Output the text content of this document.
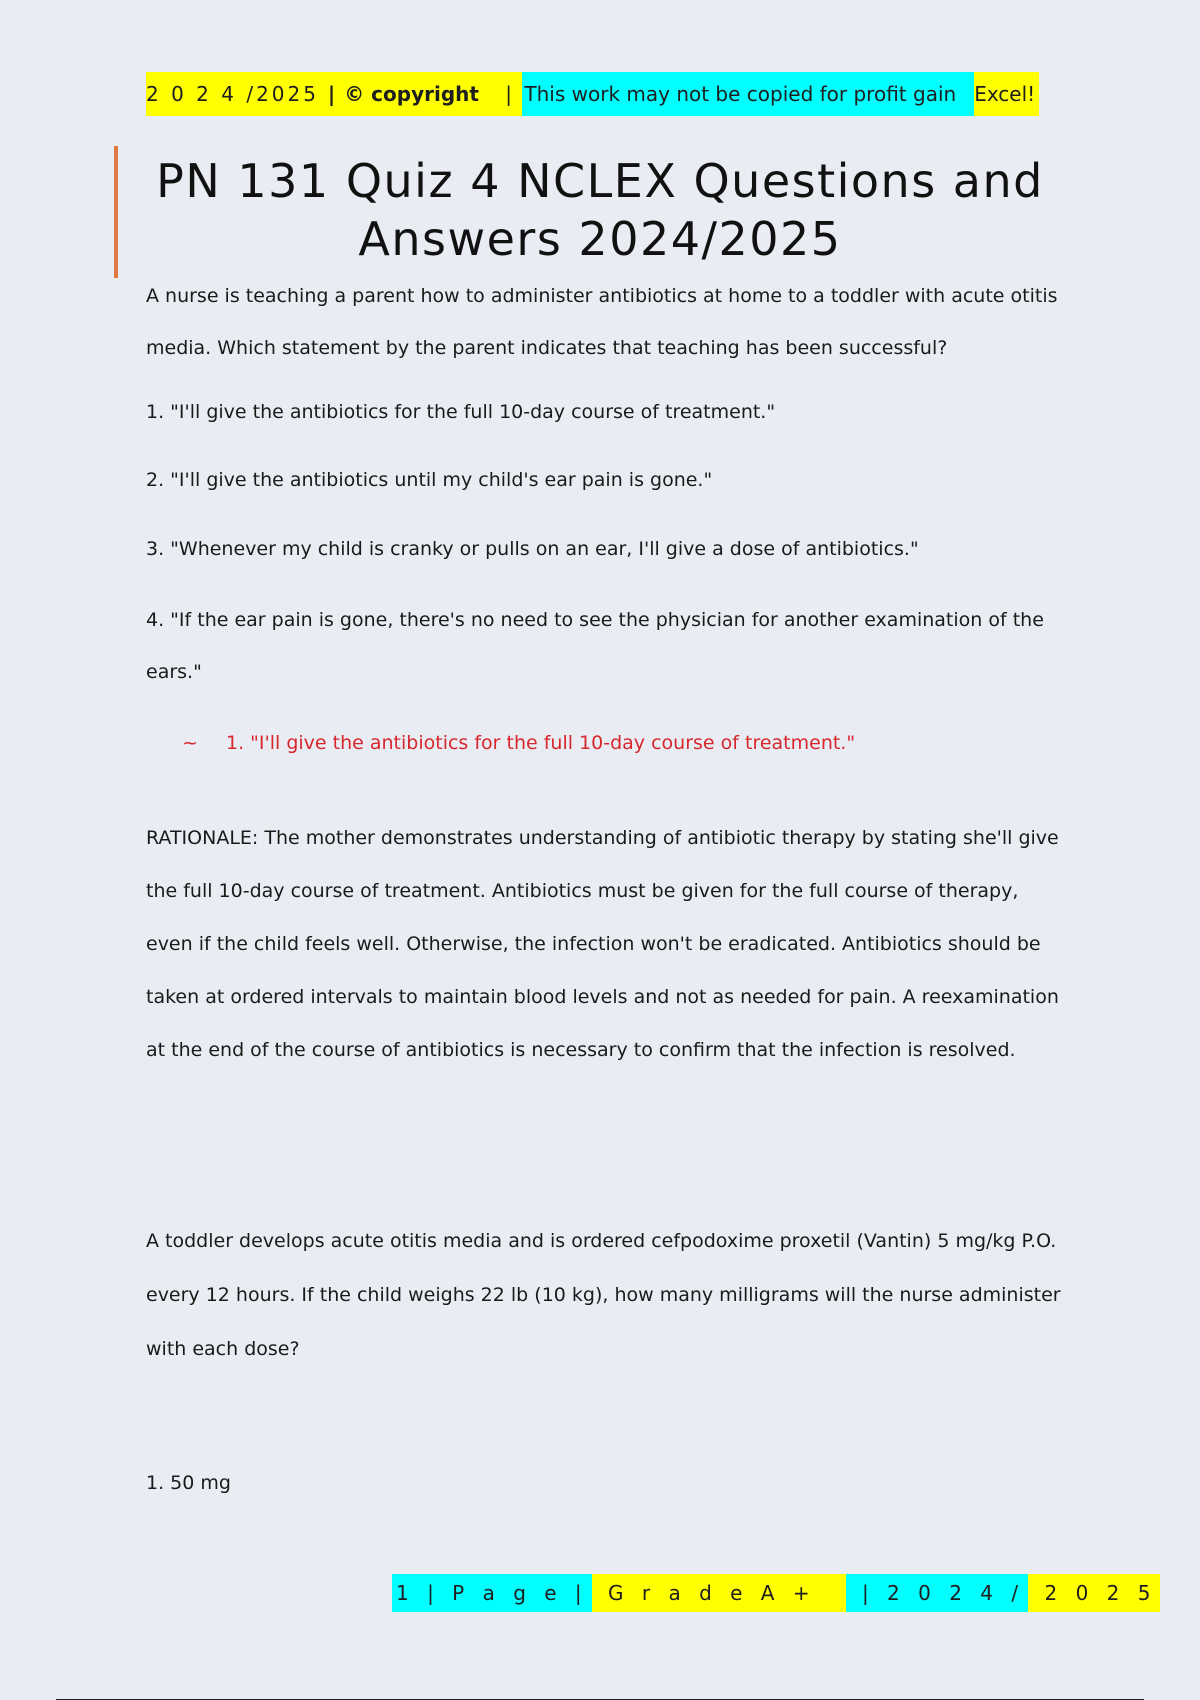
2 0 2 4 /2025 | © copyright	| This work may not be copied for profit gain Excel!
PN 131 Quiz 4 NCLEX Questions and Answers 2024/2025
A nurse is teaching a parent how to administer antibiotics at home to a toddler with acute otitis media. Which statement by the parent indicates that teaching has been successful?
1. "I'll give the antibiotics for the full 10-day course of treatment."
2. "I'll give the antibiotics until my child's ear pain is gone."
3. "Whenever my child is cranky or pulls on an ear, I'll give a dose of antibiotics."
4. "If the ear pain is gone, there's no need to see the physician for another examination of the ears."
~ 1. "I'll give the antibiotics for the full 10-day course of treatment."
RATIONALE: The mother demonstrates understanding of antibiotic therapy by stating she'll give the full 10-day course of treatment. Antibiotics must be given for the full course of therapy, even if the child feels well. Otherwise, the infection won't be eradicated. Antibiotics should be taken at ordered intervals to maintain blood levels and not as needed for pain. A reexamination at the end of the course of antibiotics is necessary to confirm that the infection is resolved.
A toddler develops acute otitis media and is ordered cefpodoxime proxetil (Vantin) 5 mg/kg P.O. every 12 hours. If the child weighs 22 lb (10 kg), how many milligrams will the nurse administer with each dose?
1. 50 mg
1 | P a g e | G r a d e A +	| 2 0 2 4 / 2 0 2 5
